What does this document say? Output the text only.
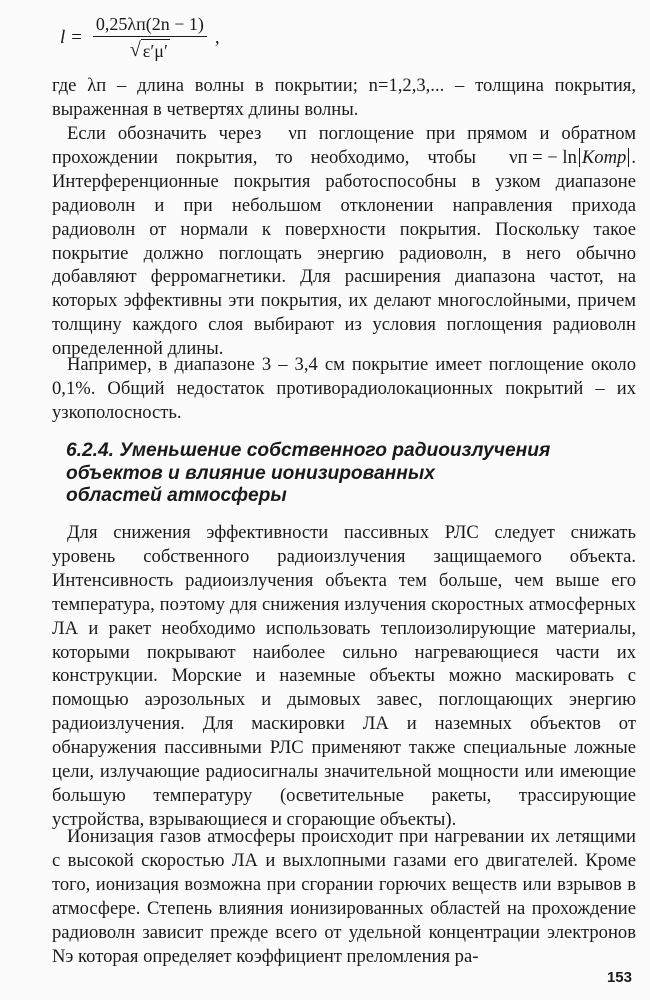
$l = \frac{0,25\lambda п(2n - 1)}{√ \varepsilon'\mu'}$ ,

где λп – длина волны в покрытии; n=1,2,3,... – толщина покрытия, выраженная в четвертях длины волны.

Если обозначить через νп поглощение при прямом и обратном прохождении покрытия, то необходимо, чтобы νп = − ln Kотр . Интерференционные покрытия работоспособны в узком диапазоне радиоволн и при небольшом отклонении направления прихода радиоволн от нормали к поверхности покрытия. Поскольку такое покрытие должно поглощать энергию радиоволн, в него обычно добавляют ферромагнетики. Для расширения диапазона частот, на которых эффективны эти покрытия, их делают многослойными, причем толщину каждого слоя выбирают из условия поглощения радиоволн определенной длины.

Например, в диапазоне 3 – 3,4 см покрытие имеет поглощение около 0,1%. Общий недостаток противорадиолокационных покрытий – их узкополосность.

6.2.4. Уменьшение собственного радиоизлучения
объектов и влияние ионизированных
областей атмосферы

Для снижения эффективности пассивных РЛС следует снижать уровень собственного радиоизлучения защищаемого объекта. Интенсивность радиоизлучения объекта тем больше, чем выше его температура, поэтому для снижения излучения скоростных атмосферных ЛА и ракет необходимо использовать теплоизолирующие материалы, которыми покрывают наиболее сильно нагревающиеся части их конструкции. Морские и наземные объекты можно маскировать с помощью аэрозольных и дымовых завес, поглощающих энергию радиоизлучения. Для маскировки ЛА и наземных объектов от обнаружения пассивными РЛС применяют также специальные ложные цели, излучающие радиосигналы значительной мощности или имеющие большую температуру (осветительные ракеты, трассирующие устройства, взрывающиеся и сгорающие объекты).

Ионизация газов атмосферы происходит при нагревании их летящими с высокой скоростью ЛА и выхлопными газами его двигателей. Кроме того, ионизация возможна при сгорании горючих веществ или взрывов в атмосфере. Степень влияния ионизированных областей на прохождение радиоволн зависит прежде всего от удельной концентрации электронов Nэ которая определяет коэффициент преломления ра-

153
